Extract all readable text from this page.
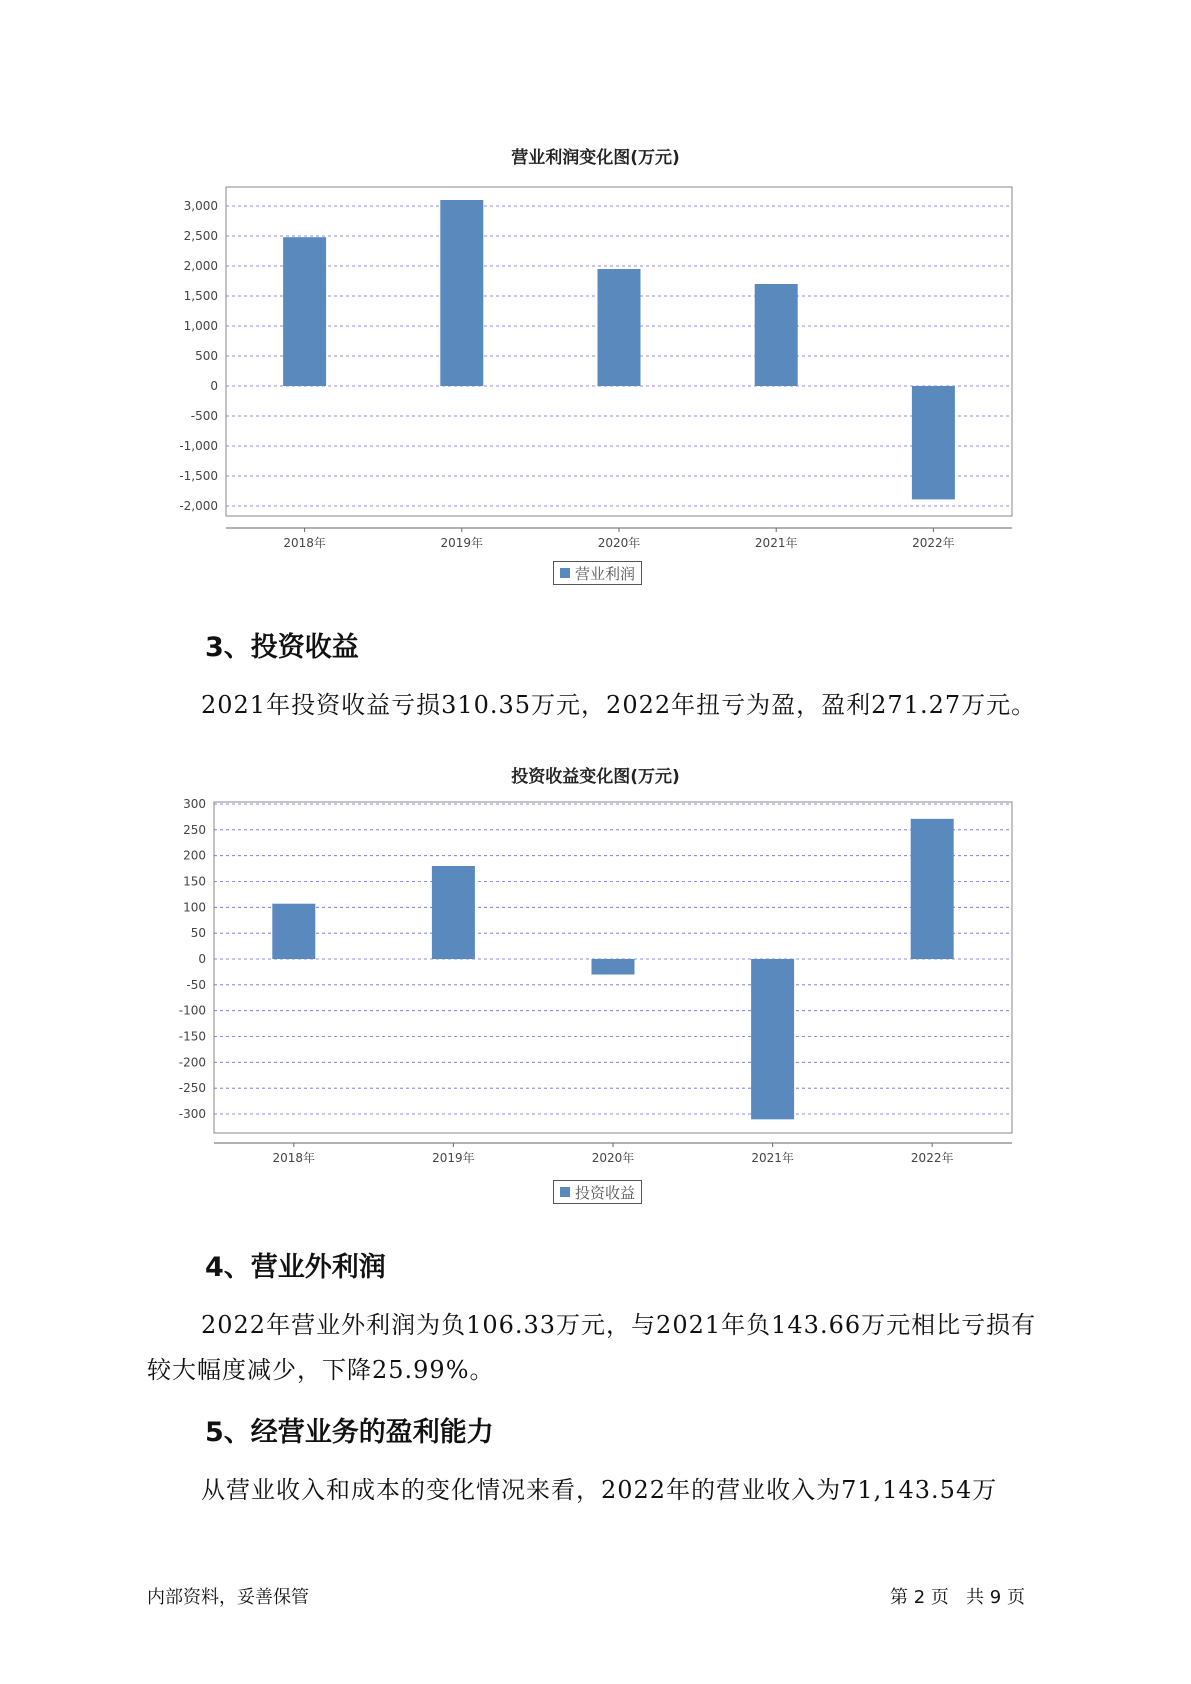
营业利润变化图(万元)
3,000
2,500
2,000
1,500
1,000
500
0
-500
-1,000
-1,500
-2,000
2018年	2019年	2020年	2021年	2022年
营业利润
3、投资收益

2021年投资收益亏损310.35万元，2022年扭亏为盈，盈利271.27万元。

投资收益变化图(万元)
300
250
200
150
100
50
0
-50
-100
-150
-200
-250
-300
2018年	2019年	2020年	2021年	2022年
投资收益
4、营业外利润

2022年营业外利润为负106.33万元，与2021年负143.66万元相比亏损有较大幅度减少，下降25.99%。

5、经营业务的盈利能力

从营业收入和成本的变化情况来看，2022年的营业收入为71,143.54万

内部资料，妥善保管	第 2 页   共 9 页
